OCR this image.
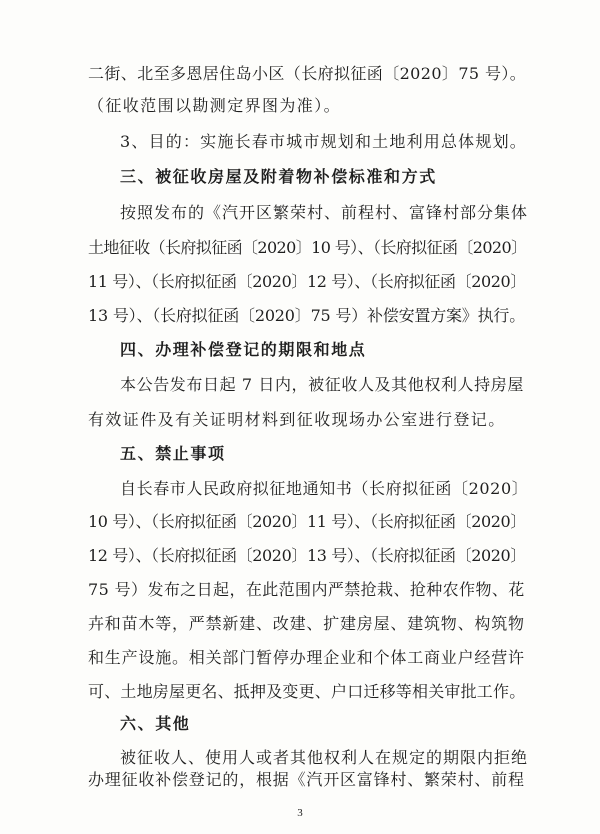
二街、北至多恩居住岛小区（长府拟征函〔2020〕75 号）。
（征收范围以勘测定界图为准）。
3、目的：实施长春市城市规划和土地利用总体规划。
三、被征收房屋及附着物补偿标准和方式
按照发布的《汽开区繁荣村、前程村、富锋村部分集体
土地征收（长府拟征函〔2020〕10 号）、（长府拟征函〔2020〕
11 号）、（长府拟征函〔2020〕12 号）、（长府拟征函〔2020〕
13 号）、（长府拟征函〔2020〕75 号）补偿安置方案》执行。
四、办理补偿登记的期限和地点
本公告发布日起 7 日内，被征收人及其他权利人持房屋
有效证件及有关证明材料到征收现场办公室进行登记。
五、禁止事项
自长春市人民政府拟征地通知书（长府拟征函〔2020〕
10 号）、（长府拟征函〔2020〕11 号）、（长府拟征函〔2020〕
12 号）、（长府拟征函〔2020〕13 号）、（长府拟征函〔2020〕
75 号）发布之日起，在此范围内严禁抢栽、抢种农作物、花
卉和苗木等，严禁新建、改建、扩建房屋、建筑物、构筑物
和生产设施。相关部门暂停办理企业和个体工商业户经营许
可、土地房屋更名、抵押及变更、户口迁移等相关审批工作。
六、其他
被征收人、使用人或者其他权利人在规定的期限内拒绝
办理征收补偿登记的，根据《汽开区富锋村、繁荣村、前程
3
